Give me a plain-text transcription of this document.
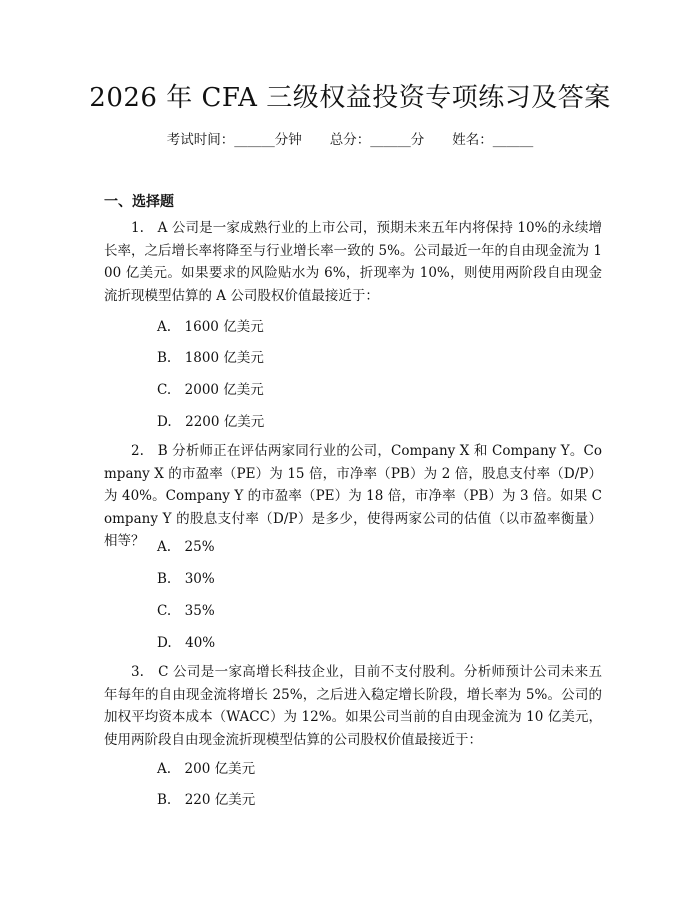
2026 年 CFA 三级权益投资专项练习及答案
考试时间：______分钟 总分：______分 姓名：______
一、选择题
1.　A 公司是一家成熟行业的上市公司，预期未来五年内将保持 10%的永续增长率，之后增长率将降至与行业增长率一致的 5%。公司最近一年的自由现金流为 100 亿美元。如果要求的风险贴水为 6%，折现率为 10%，则使用两阶段自由现金流折现模型估算的 A 公司股权价值最接近于：
A. 1600 亿美元
B. 1800 亿美元
C. 2000 亿美元
D. 2200 亿美元
2.　B 分析师正在评估两家同行业的公司，Company X 和 Company Y。Company X 的市盈率（PE）为 15 倍，市净率（PB）为 2 倍，股息支付率（D/P）为 40%。Company Y 的市盈率（PE）为 18 倍，市净率（PB）为 3 倍。如果 Company Y 的股息支付率（D/P）是多少，使得两家公司的估值（以市盈率衡量）相等？ A. 25%
B. 30%
C. 35%
D. 40%
3.　C 公司是一家高增长科技企业，目前不支付股利。分析师预计公司未来五年每年的自由现金流将增长 25%，之后进入稳定增长阶段，增长率为 5%。公司的加权平均资本成本（WACC）为 12%。如果公司当前的自由现金流为 10 亿美元，使用两阶段自由现金流折现模型估算的公司股权价值最接近于：
A. 200 亿美元
B. 220 亿美元
